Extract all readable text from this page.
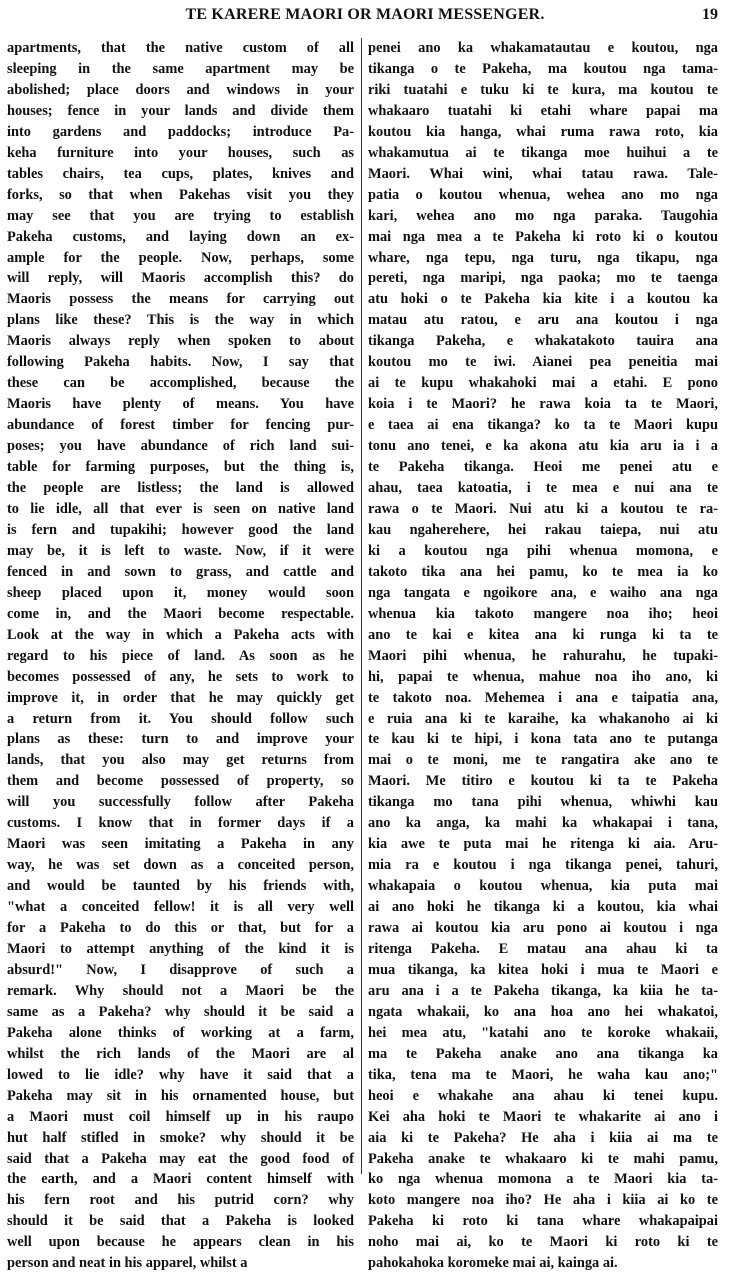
TE KARERE MAORI OR MAORI MESSENGER.	19
apartments, that the native custom of all
sleeping in the same apartment may be
abolished; place doors and windows in your
houses; fence in your lands and divide them
into gardens and paddocks; introduce Pa-
keha furniture into your houses, such as
tables chairs, tea cups, plates, knives and
forks, so that when Pakehas visit you they
may see that you are trying to establish
Pakeha customs, and laying down an ex-
ample for the people. Now, perhaps, some
will reply, will Maoris accomplish this? do
Maoris possess the means for carrying out
plans like these? This is the way in which
Maoris always reply when spoken to about
following Pakeha habits. Now, I say that
these can be accomplished, because the
Maoris have plenty of means. You have
abundance of forest timber for fencing pur-
poses; you have abundance of rich land sui-
table for farming purposes, but the thing is,
the people are listless; the land is allowed
to lie idle, all that ever is seen on native land
is fern and tupakihi; however good the land
may be, it is left to waste. Now, if it were
fenced in and sown to grass, and cattle and
sheep placed upon it, money would soon
come in, and the Maori become respectable.
Look at the way in which a Pakeha acts with
regard to his piece of land. As soon as he
becomes possessed of any, he sets to work to
improve it, in order that he may quickly get
a return from it. You should follow such
plans as these: turn to and improve your
lands, that you also may get returns from
them and become possessed of property, so
will you successfully follow after Pakeha
customs. I know that in former days if a
Maori was seen imitating a Pakeha in any
way, he was set down as a conceited person,
and would be taunted by his friends with,
"what a conceited fellow! it is all very well
for a Pakeha to do this or that, but for a
Maori to attempt anything of the kind it is
absurd!" Now, I disapprove of such a
remark. Why should not a Maori be the
same as a Pakeha? why should it be said a
Pakeha alone thinks of working at a farm,
whilst the rich lands of the Maori are al
lowed to lie idle? why have it said that a
Pakeha may sit in his ornamented house, but
a Maori must coil himself up in his raupo
hut half stifled in smoke? why should it be
said that a Pakeha may eat the good food of
the earth, and a Maori content himself with
his fern root and his putrid corn? why
should it be said that a Pakeha is looked
well upon because he appears clean in his
person and neat in his apparel, whilst a
penei ano ka whakamatautau e koutou, nga
tikanga o te Pakeha, ma koutou nga tama-
riki tuatahi e tuku ki te kura, ma koutou te
whakaaro tuatahi ki etahi whare papai ma
koutou kia hanga, whai ruma rawa roto, kia
whakamutua ai te tikanga moe huihui a te
Maori. Whai wini, whai tatau rawa. Tale-
patia o koutou whenua, wehea ano mo nga
kari, wehea ano mo nga paraka. Taugohia
mai nga mea a te Pakeha ki roto ki o koutou
whare, nga tepu, nga turu, nga tikapu, nga
pereti, nga maripi, nga paoka; mo te taenga
atu hoki o te Pakeha kia kite i a koutou ka
matau atu ratou, e aru ana koutou i nga
tikanga Pakeha, e whakatakoto tauira ana
koutou mo te iwi. Aianei pea peneitia mai
ai te kupu whakahoki mai a etahi. E pono
koia i te Maori? he rawa koia ta te Maori,
e taea ai ena tikanga? ko ta te Maori kupu
tonu ano tenei, e ka akona atu kia aru ia i a
te Pakeha tikanga. Heoi me penei atu e
ahau, taea katoatia, i te mea e nui ana te
rawa o te Maori. Nui atu ki a koutou te ra-
kau ngaherehere, hei rakau taiepa, nui atu
ki a koutou nga pihi whenua momona, e
takoto tika ana hei pamu, ko te mea ia ko
nga tangata e ngoikore ana, e waiho ana nga
whenua kia takoto mangere noa iho; heoi
ano te kai e kitea ana ki runga ki ta te
Maori pihi whenua, he rahurahu, he tupaki-
hi, papai te whenua, mahue noa iho ano, ki
te takoto noa. Mehemea i ana e taipatia ana,
e ruia ana ki te karaihe, ka whakanoho ai ki
te kau ki te hipi, i kona tata ano te putanga
mai o te moni, me te rangatira ake ano te
Maori. Me titiro e koutou ki ta te Pakeha
tikanga mo tana pihi whenua, whiwhi kau
ano ka anga, ka mahi ka whakapai i tana,
kia awe te puta mai he ritenga ki aia. Aru-
mia ra e koutou i nga tikanga penei, tahuri,
whakapaia o koutou whenua, kia puta mai
ai ano hoki he tikanga ki a koutou, kia whai
rawa ai koutou kia aru pono ai koutou i nga
ritenga Pakeha. E matau ana ahau ki ta
mua tikanga, ka kitea hoki i mua te Maori e
aru ana i a te Pakeha tikanga, ka kiia he ta-
ngata whakaii, ko ana hoa ano hei whakatoi,
hei mea atu, "katahi ano te koroke whakaii,
ma te Pakeha anake ano ana tikanga ka
tika, tena ma te Maori, he waha kau ano;"
heoi e whakahe ana ahau ki tenei kupu.
Kei aha hoki te Maori te whakarite ai ano i
aia ki te Pakeha? He aha i kiia ai ma te
Pakeha anake te whakaaro ki te mahi pamu,
ko nga whenua momona a te Maori kia ta-
koto mangere noa iho? He aha i kiia ai ko te
Pakeha ki roto ki tana whare whakapaipai
noho mai ai, ko te Maori ki roto ki te
pahokahoka koromeke mai ai, kainga ai.
